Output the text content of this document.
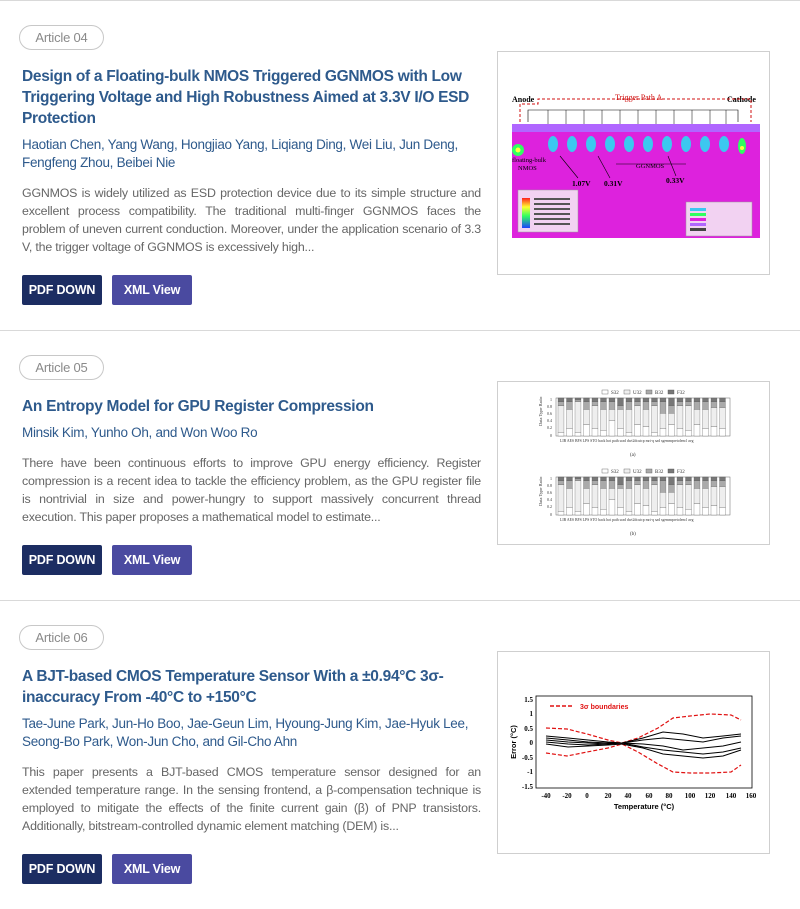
Article 04
Design of a Floating-bulk NMOS Triggered GGNMOS with Low Triggering Voltage and High Robustness Aimed at 3.3V I/O ESD Protection
Haotian Chen, Yang Wang, Hongjiao Yang, Liqiang Ding, Wei Liu, Jun Deng, Fengfeng Zhou, Beibei Nie
GGNMOS is widely utilized as ESD protection device due to its simple structure and excellent process compatibility. The traditional multi-finger GGNMOS faces the problem of uneven current conduction. Moreover, under the application scenario of 3.3 V, the trigger voltage of GGNMOS is excessively high...
PDF DOWN	XML View
Anode	Cathode
Trigger Path A
floating-bulk
NMOS	GGNMOS
1.07V 0.31V	0.33V
Article 05
An Entropy Model for GPU Register Compression
Minsik Kim, Yunho Oh, and Won Woo Ro
There have been continuous efforts to improve GPU energy efficiency. Register compression is a recent idea to tackle the efficiency problem, as the GPU register file is nontrivial in size and power-hungry to support massively concurrent thread execution. This paper proposes a mathematical model to estimate...
PDF DOWN	XML View
S32	U32	B32	F32
Data Type Ratio 1
0.8
0.6
0.4
0.2
0
LIB AES BFS LPS STO back hot path srad dwt2dcutcp mri-q sad sgemmpretolencl avg
(a)
S32	U32	B32	F32
Data Type Ratio 1
0.8
0.6
0.4
0.2
0
LIB AES BFS LPS STO back hot path srad dwt2dcutcp mri-q sad sgemmpretolencl avg
(b)
Article 06
A BJT-based CMOS Temperature Sensor With a ±0.94°C 3σ-inaccuracy From -40°C to +150°C
Tae-June Park, Jun-Ho Boo, Jae-Geun Lim, Hyoung-Jung Kim, Jae-Hyuk Lee, Seong-Bo Park, Won-Jun Cho, and Gil-Cho Ahn
This paper presents a BJT-based CMOS temperature sensor designed for an extended temperature range. In the sensing frontend, a β-compensation technique is employed to mitigate the effects of the finite current gain (β) of PNP transistors. Additionally, bitstream-controlled dynamic element matching (DEM) is...
PDF DOWN	XML View
1.5
1
0.5
0
-0.5
-1
-1.5
-40 -20 0 20 40 60 80 100 120 140 160
Temperature (°C)
Error (°C)
3σ boundaries
